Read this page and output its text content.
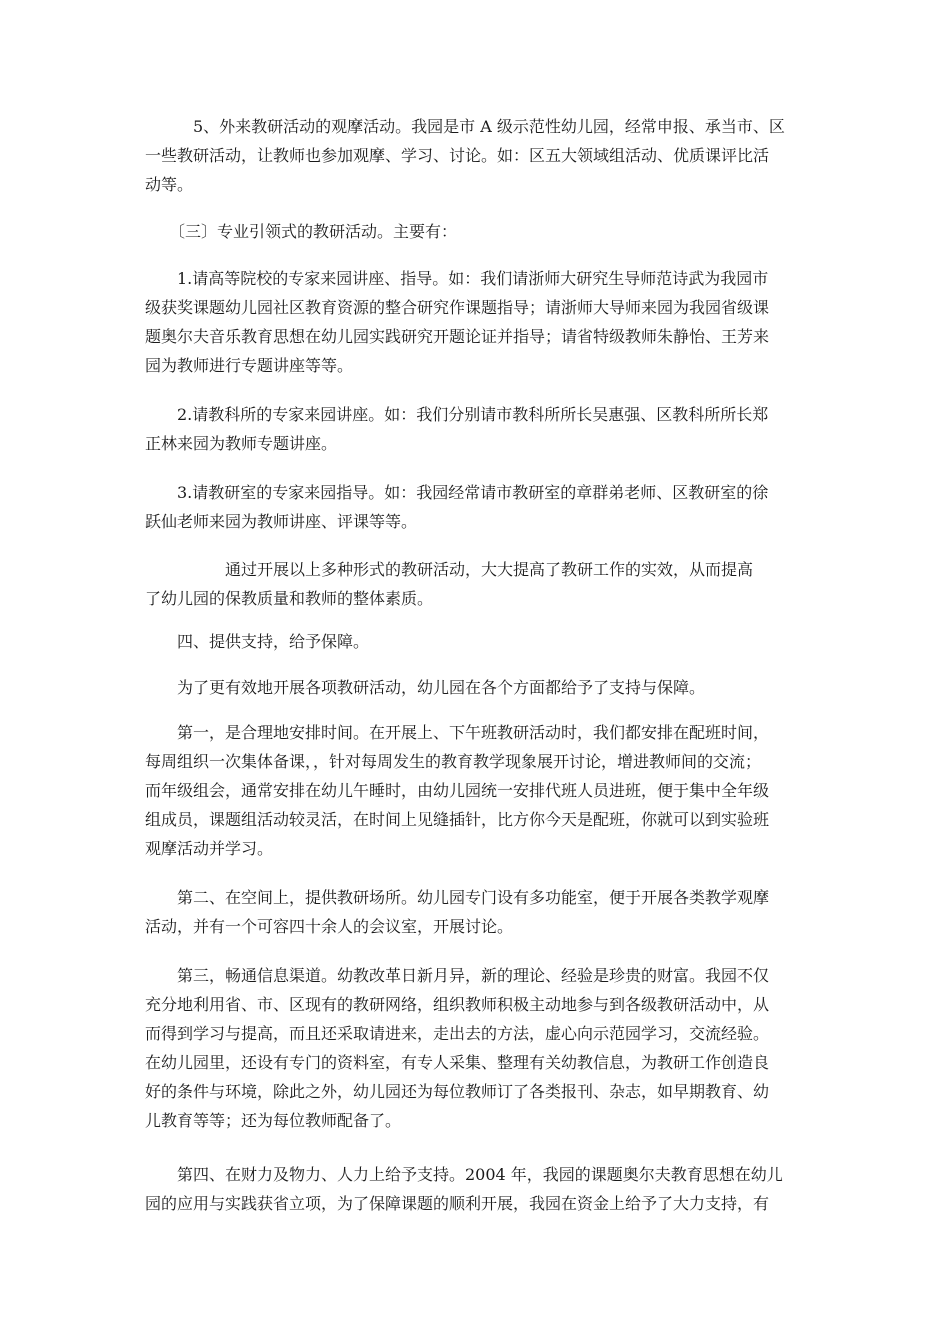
　　　5、外来教研活动的观摩活动。我园是市 A 级示范性幼儿园，经常申报、承当市、区
一些教研活动，让教师也参加观摩、学习、讨论。如：区五大领域组活动、优质课评比活
动等。
　　〔三〕专业引领式的教研活动。主要有：
　　1.请高等院校的专家来园讲座、指导。如：我们请浙师大研究生导师范诗武为我园市
级获奖课题幼儿园社区教育资源的整合研究作课题指导；请浙师大导师来园为我园省级课
题奥尔夫音乐教育思想在幼儿园实践研究开题论证并指导；请省特级教师朱静怡、王芳来
园为教师进行专题讲座等等。
　　2.请教科所的专家来园讲座。如：我们分别请市教科所所长吴惠强、区教科所所长郑
正林来园为教师专题讲座。
　　3.请教研室的专家来园指导。如：我园经常请市教研室的章群弟老师、区教研室的徐
跃仙老师来园为教师讲座、评课等等。
　　　　　通过开展以上多种形式的教研活动，大大提高了教研工作的实效，从而提高
了幼儿园的保教质量和教师的整体素质。
　　四、提供支持，给予保障。
　　为了更有效地开展各项教研活动，幼儿园在各个方面都给予了支持与保障。
　　第一，是合理地安排时间。在开展上、下午班教研活动时，我们都安排在配班时间，
每周组织一次集体备课，，针对每周发生的教育教学现象展开讨论，增进教师间的交流；
而年级组会，通常安排在幼儿午睡时，由幼儿园统一安排代班人员进班，便于集中全年级
组成员，课题组活动较灵活，在时间上见缝插针，比方你今天是配班，你就可以到实验班
观摩活动并学习。
　　第二、在空间上，提供教研场所。幼儿园专门设有多功能室，便于开展各类教学观摩
活动，并有一个可容四十余人的会议室，开展讨论。
　　第三，畅通信息渠道。幼教改革日新月异，新的理论、经验是珍贵的财富。我园不仅
充分地利用省、市、区现有的教研网络，组织教师积极主动地参与到各级教研活动中，从
而得到学习与提高，而且还采取请进来，走出去的方法，虚心向示范园学习，交流经验。
在幼儿园里，还设有专门的资料室，有专人采集、整理有关幼教信息，为教研工作创造良
好的条件与环境，除此之外，幼儿园还为每位教师订了各类报刊、杂志，如早期教育、幼
儿教育等等；还为每位教师配备了。
　　第四、在财力及物力、人力上给予支持。2004 年，我园的课题奥尔夫教育思想在幼儿
园的应用与实践获省立项，为了保障课题的顺利开展，我园在资金上给予了大力支持，有
